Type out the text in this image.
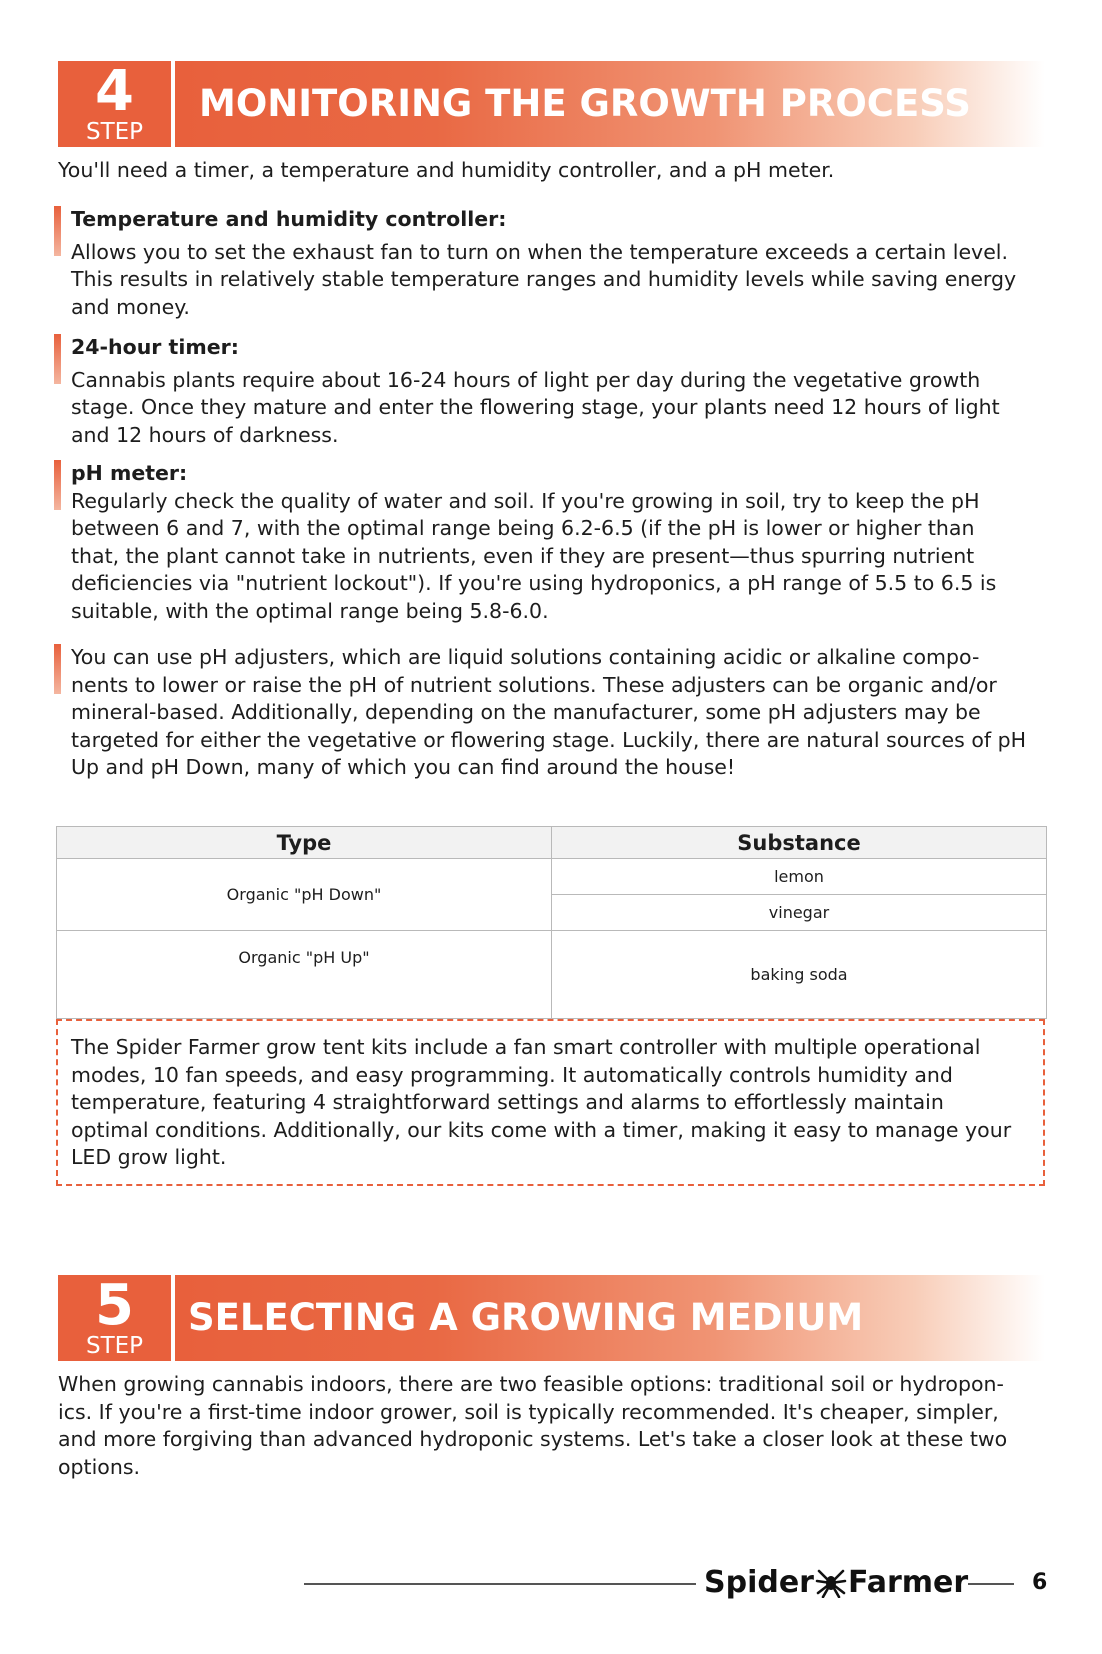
4
STEP
MONITORING THE GROWTH PROCESS
You'll need a timer, a temperature and humidity controller, and a pH meter.
Temperature and humidity controller:
Allows you to set the exhaust fan to turn on when the temperature exceeds a certain level.
This results in relatively stable temperature ranges and humidity levels while saving energy
and money.
24-hour timer:
Cannabis plants require about 16-24 hours of light per day during the vegetative growth
stage. Once they mature and enter the flowering stage, your plants need 12 hours of light
and 12 hours of darkness.
pH meter:
Regularly check the quality of water and soil. If you're growing in soil, try to keep the pH
between 6 and 7, with the optimal range being 6.2-6.5 (if the pH is lower or higher than
that, the plant cannot take in nutrients, even if they are present—thus spurring nutrient
deficiencies via "nutrient lockout"). If you're using hydroponics, a pH range of 5.5 to 6.5 is
suitable, with the optimal range being 5.8-6.0.
You can use pH adjusters, which are liquid solutions containing acidic or alkaline compo-
nents to lower or raise the pH of nutrient solutions. These adjusters can be organic and/or
mineral-based. Additionally, depending on the manufacturer, some pH adjusters may be
targeted for either the vegetative or flowering stage. Luckily, there are natural sources of pH
Up and pH Down, many of which you can find around the house!
Type	Substance
Organic "pH Down"	lemon
	vinegar
Organic "pH Up"	baking soda
The Spider Farmer grow tent kits include a fan smart controller with multiple operational
modes, 10 fan speeds, and easy programming. It automatically controls humidity and
temperature, featuring 4 straightforward settings and alarms to effortlessly maintain
optimal conditions. Additionally, our kits come with a timer, making it easy to manage your
LED grow light.
5
STEP
SELECTING A GROWING MEDIUM
When growing cannabis indoors, there are two feasible options: traditional soil or hydropon-
ics. If you're a first-time indoor grower, soil is typically recommended. It's cheaper, simpler,
and more forgiving than advanced hydroponic systems. Let's take a closer look at these two
options.
Spider Farmer	6
